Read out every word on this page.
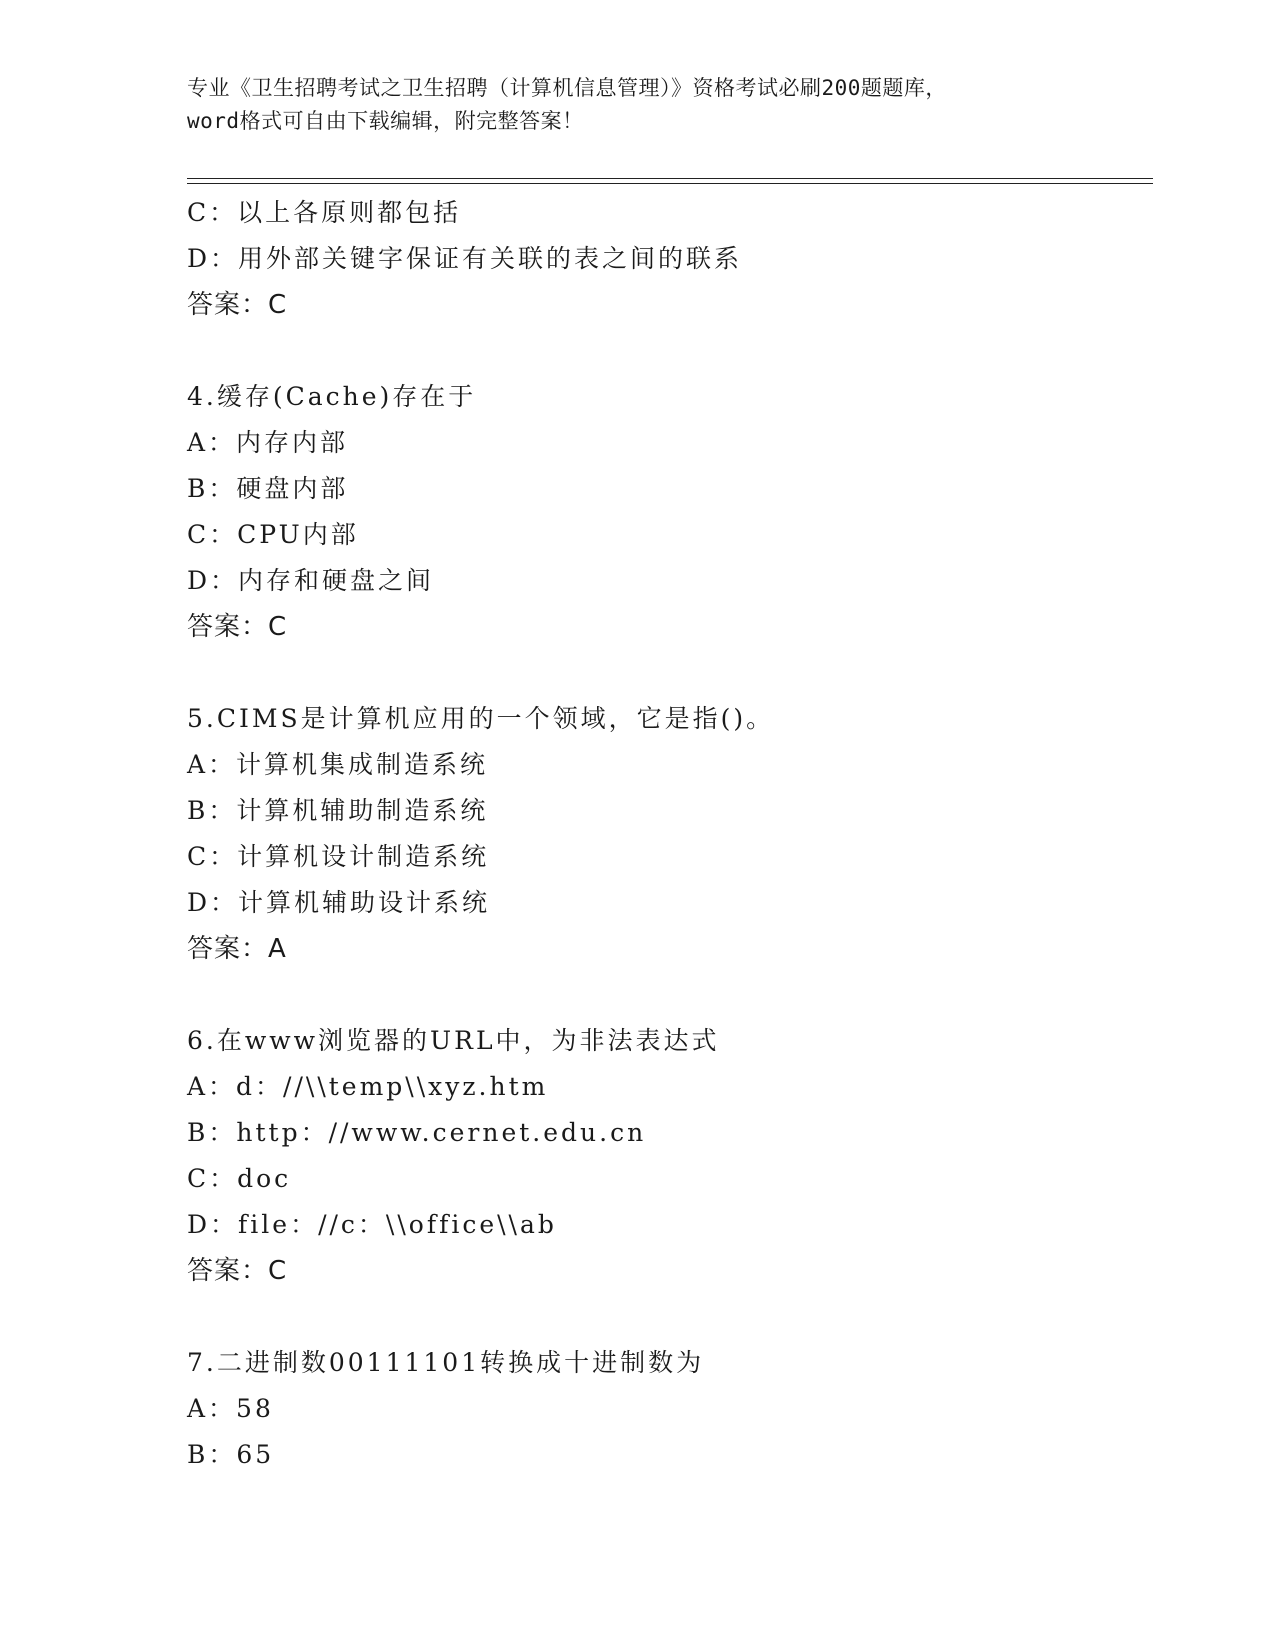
专业《卫生招聘考试之卫生招聘（计算机信息管理）》资格考试必刷200题题库，
word格式可自由下载编辑，附完整答案！
C：以上各原则都包括
D：用外部关键字保证有关联的表之间的联系
答案：C
4.缓存(Cache)存在于
A：内存内部
B：硬盘内部
C：CPU内部
D：内存和硬盘之间
答案：C
5.CIMS是计算机应用的一个领域，它是指()。
A：计算机集成制造系统
B：计算机辅助制造系统
C：计算机设计制造系统
D：计算机辅助设计系统
答案：A
6.在www浏览器的URL中，为非法表达式
A：d：//\\temp\\xyz.htm
B：http：//www.cernet.edu.cn
C：doc
D：file：//c：\\office\\ab
答案：C
7.二进制数00111101转换成十进制数为
A：58
B：65
